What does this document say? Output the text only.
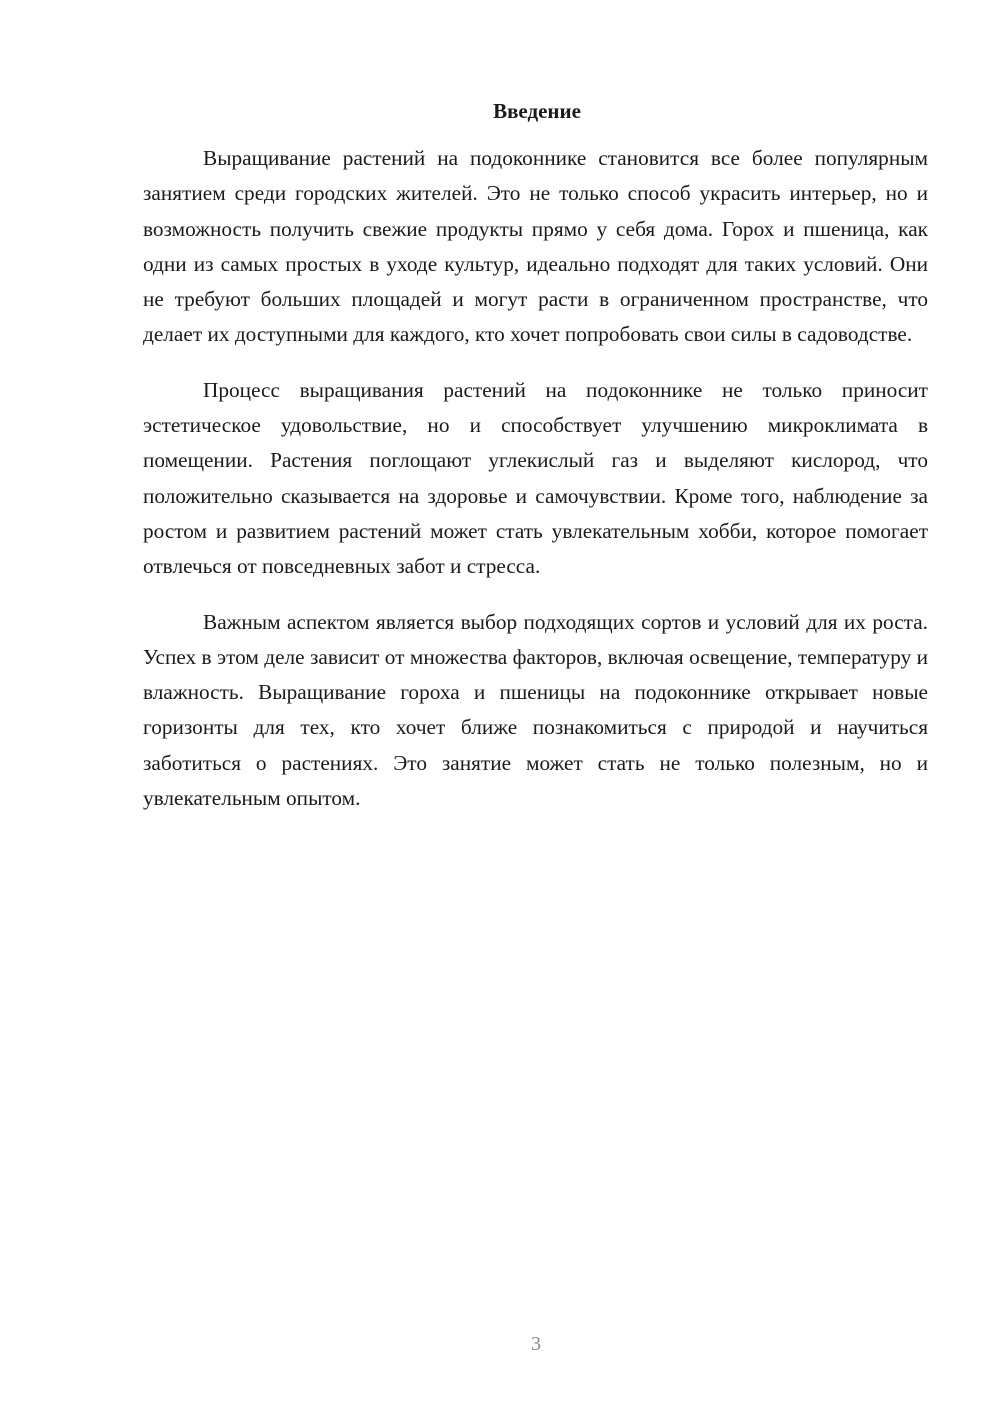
Введение

Выращивание растений на подоконнике становится все более популярным занятием среди городских жителей. Это не только способ украсить интерьер, но и возможность получить свежие продукты прямо у себя дома. Горох и пшеница, как одни из самых простых в уходе культур, идеально подходят для таких условий. Они не требуют больших площадей и могут расти в ограниченном пространстве, что делает их доступными для каждого, кто хочет попробовать свои силы в садоводстве.

Процесс выращивания растений на подоконнике не только приносит эстетическое удовольствие, но и способствует улучшению микроклимата в помещении. Растения поглощают углекислый газ и выделяют кислород, что положительно сказывается на здоровье и самочувствии. Кроме того, наблюдение за ростом и развитием растений может стать увлекательным хобби, которое помогает отвлечься от повседневных забот и стресса.

Важным аспектом является выбор подходящих сортов и условий для их роста. Успех в этом деле зависит от множества факторов, включая освещение, температуру и влажность. Выращивание гороха и пшеницы на подоконнике открывает новые горизонты для тех, кто хочет ближе познакомиться с природой и научиться заботиться о растениях. Это занятие может стать не только полезным, но и увлекательным опытом.

3
